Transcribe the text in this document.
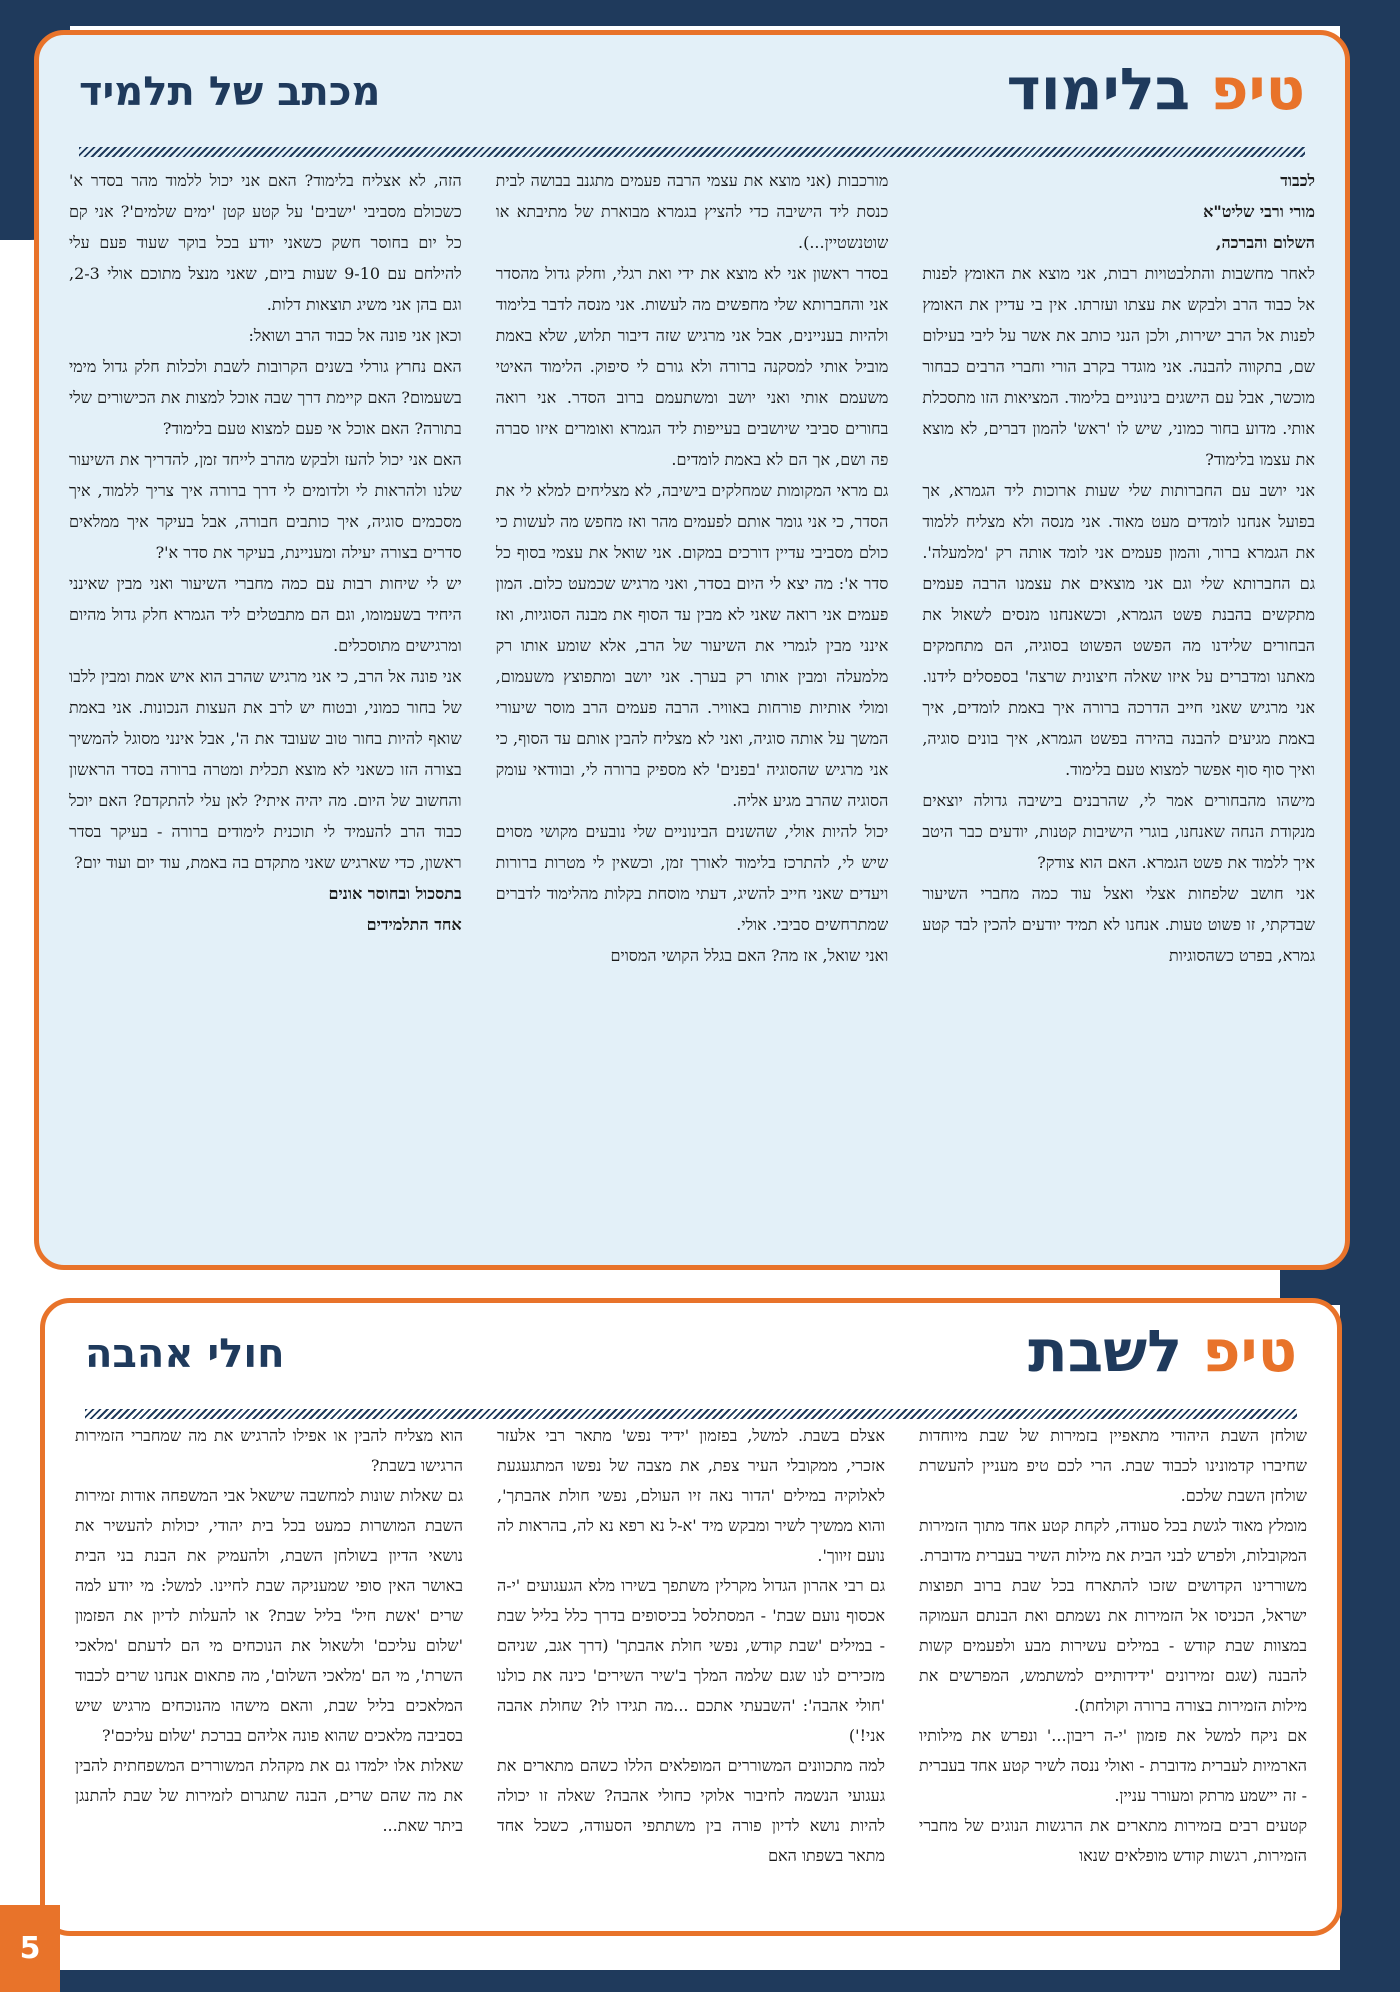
טיפ בלימוד
מכתב של תלמיד

לכבוד

מורי ורבי שליט"א

השלום והברכה,

לאחר מחשבות והתלבטויות רבות, אני מוצא את האומץ לפנות אל כבוד הרב ולבקש את עצתו ועזרתו. אין בי עדיין את האומץ לפנות אל הרב ישירות, ולכן הנני כותב את אשר על ליבי בעילום שם, בתקווה להבנה. אני מוגדר בקרב הורי וחברי הרבים כבחור מוכשר, אבל עם הישגים בינוניים בלימוד. המציאות הזו מתסכלת אותי. מדוע בחור כמוני, שיש לו 'ראש' להמון דברים, לא מוצא את עצמו בלימוד?

אני יושב עם החברותות שלי שעות ארוכות ליד הגמרא, אך בפועל אנחנו לומדים מעט מאוד. אני מנסה ולא מצליח ללמוד את הגמרא ברור, והמון פעמים אני לומד אותה רק 'מלמעלה'. גם החברותא שלי וגם אני מוצאים את עצמנו הרבה פעמים מתקשים בהבנת פשט הגמרא, וכשאנחנו מנסים לשאול את הבחורים שלידנו מה הפשט הפשוט בסוגיה, הם מתחמקים מאתנו ומדברים על איזו שאלה חיצונית שרצה' בספסלים לידנו. אני מרגיש שאני חייב הדרכה ברורה איך באמת לומדים, איך באמת מגיעים להבנה בהירה בפשט הגמרא, איך בונים סוגיה, ואיך סוף סוף אפשר למצוא טעם בלימוד.

מישהו מהבחורים אמר לי, שהרבנים בישיבה גדולה יוצאים מנקודת הנחה שאנחנו, בוגרי הישיבות קטנות, יודעים כבר היטב איך ללמוד את פשט הגמרא. האם הוא צודק?

אני חושב שלפחות אצלי ואצל עוד כמה מחברי השיעור שבדקתי, זו פשוט טעות. אנחנו לא תמיד יודעים להכין לבד קטע גמרא, בפרט כשהסוגיות

מורכבות (אני מוצא את עצמי הרבה פעמים מתגנב בבושה לבית כנסת ליד הישיבה כדי להציץ בגמרא מבוארת של מתיבתא או שוטנשטיין...).

בסדר ראשון אני לא מוצא את ידי ואת רגלי, וחלק גדול מהסדר אני והחברותא שלי מחפשים מה לעשות. אני מנסה לדבר בלימוד ולהיות בעניינים, אבל אני מרגיש שזה דיבור תלוש, שלא באמת מוביל אותי למסקנה ברורה ולא גורם לי סיפוק. הלימוד האיטי משעמם אותי ואני יושב ומשתעמם ברוב הסדר. אני רואה בחורים סביבי שיושבים בעייפות ליד הגמרא ואומרים איזו סברה פה ושם, אך הם לא באמת לומדים.

גם מראי המקומות שמחלקים בישיבה, לא מצליחים למלא לי את הסדר, כי אני גומר אותם לפעמים מהר ואז מחפש מה לעשות כי כולם מסביבי עדיין דורכים במקום. אני שואל את עצמי בסוף כל סדר א': מה יצא לי היום בסדר, ואני מרגיש שכמעט כלום. המון פעמים אני רואה שאני לא מבין עד הסוף את מבנה הסוגיות, ואז אינני מבין לגמרי את השיעור של הרב, אלא שומע אותו רק מלמעלה ומבין אותו רק בערך. אני יושב ומתפוצץ משעמום, ומולי אותיות פורחות באוויר. הרבה פעמים הרב מוסר שיעורי המשך על אותה סוגיה, ואני לא מצליח להבין אותם עד הסוף, כי אני מרגיש שהסוגיה 'בפנים' לא מספיק ברורה לי, ובוודאי עומק הסוגיה שהרב מגיע אליה.

יכול להיות אולי, שהשנים הבינוניים שלי נובעים מקושי מסוים שיש לי, להתרכז בלימוד לאורך זמן, וכשאין לי מטרות ברורות ויעדים שאני חייב להשיג, דעתי מוסחת בקלות מהלימוד לדברים שמתרחשים סביבי. אולי.

ואני שואל, אז מה? האם בגלל הקושי המסוים

הזה, לא אצליח בלימוד? האם אני יכול ללמוד מהר בסדר א' כשכולם מסביבי 'ישבים' על קטע קטן 'ימים שלמים'? אני קם כל יום בחוסר חשק כשאני יודע בכל בוקר שעוד פעם עלי להילחם עם 9-10 שעות ביום, שאני מנצל מתוכם אולי 2-3, וגם בהן אני משיג תוצאות דלות.

וכאן אני פונה אל כבוד הרב ושואל:

האם נחרץ גורלי בשנים הקרובות לשבת ולכלות חלק גדול מימי בשעמום? האם קיימת דרך שבה אוכל למצות את הכישורים שלי בתורה? האם אוכל אי פעם למצוא טעם בלימוד?

האם אני יכול להעז ולבקש מהרב לייחד זמן, להדריך את השיעור שלנו ולהראות לי ולדומים לי דרך ברורה איך צריך ללמוד, איך מסכמים סוגיה, איך כותבים חבורה, אבל בעיקר איך ממלאים סדרים בצורה יעילה ומעניינת, בעיקר את סדר א'?

יש לי שיחות רבות עם כמה מחברי השיעור ואני מבין שאינני היחיד בשעמומו, וגם הם מתבטלים ליד הגמרא חלק גדול מהיום ומרגישים מתוסכלים.

אני פונה אל הרב, כי אני מרגיש שהרב הוא איש אמת ומבין ללבו של בחור כמוני, ובטוח יש לרב את העצות הנכונות. אני באמת שואף להיות בחור טוב שעובד את ה', אבל אינני מסוגל להמשיך בצורה הזו כשאני לא מוצא תכלית ומטרה ברורה בסדר הראשון והחשוב של היום. מה יהיה איתי? לאן עלי להתקדם? האם יוכל כבוד הרב להעמיד לי תוכנית לימודים ברורה - בעיקר בסדר ראשון, כדי שארגיש שאני מתקדם בה באמת, עוד יום ועוד יום?

בתסכול ובחוסר אונים

אחד התלמידים

טיפ לשבת
חולי אהבה

שולחן השבת היהודי מתאפיין בזמירות של שבת מיוחדות שחיברו קדמונינו לכבוד שבת. הרי לכם טיפ מעניין להעשרת שולחן השבת שלכם.

מומלץ מאוד לגשת בכל סעודה, לקחת קטע אחד מתוך הזמירות המקובלות, ולפרש לבני הבית את מילות השיר בעברית מדוברת. משוררינו הקדושים שזכו להתארח בכל שבת ברוב תפוצות ישראל, הכניסו אל הזמירות את נשמתם ואת הבנתם העמוקה במצוות שבת קודש - במילים עשירות מבע ולפעמים קשות להבנה (שגם זמירונים 'ידידותיים למשתמש, המפרשים את מילות הזמירות בצורה ברורה וקולחת).

אם ניקח למשל את פזמון 'י-ה ריבון...' ונפרש את מילותיו הארמיות לעברית מדוברת - ואולי ננסה לשיר קטע אחד בעברית - זה יישמע מרתק ומעורר עניין.

קטעים רבים בזמירות מתארים את הרגשות הנוגים של מחברי הזמירות, רגשות קודש מופלאים שנאו

אצלם בשבת. למשל, בפזמון 'ידיד נפש' מתאר רבי אלעזר אזכרי, ממקובלי העיר צפת, את מצבה של נפשו המתגעגעת לאלוקיה במילים 'הדור נאה זיו העולם, נפשי חולת אהבתך', והוא ממשיך לשיר ומבקש מיד 'א-ל נא רפא נא לה, בהראות לה נועם זיווך'.

גם רבי אהרון הגדול מקרלין משתפך בשירו מלא הגעגועים 'י-ה אכסוף נועם שבת' - המסתלסל בכיסופים בדרך כלל בליל שבת - במילים 'שבת קודש, נפשי חולת אהבתך' (דרך אגב, שניהם מזכירים לנו שגם שלמה המלך ב'שיר השירים' כינה את כולנו 'חולי אהבה': 'השבעתי אתכם ...מה תגידו לו? שחולת אהבה אני!')

למה מתכוונים המשוררים המופלאים הללו כשהם מתארים את געגועי הנשמה לחיבור אלוקי כחולי אהבה? שאלה זו יכולה להיות נושא לדיון פורה בין משתתפי הסעודה, כשכל אחד מתאר בשפתו האם

הוא מצליח להבין או אפילו להרגיש את מה שמחברי הזמירות הרגישו בשבת?

גם שאלות שונות למחשבה שישאל אבי המשפחה אודות זמירות השבת המושרות כמעט בכל בית יהודי, יכולות להעשיר את נושאי הדיון בשולחן השבת, ולהעמיק את הבנת בני הבית באושר האין סופי שמעניקה שבת לחיינו. למשל: מי יודע למה שרים 'אשת חיל' בליל שבת? או להעלות לדיון את הפזמון 'שלום עליכם' ולשאול את הנוכחים מי הם לדעתם 'מלאכי השרת', מי הם 'מלאכי השלום', מה פתאום אנחנו שרים לכבוד המלאכים בליל שבת, והאם מישהו מהנוכחים מרגיש שיש בסביבה מלאכים שהוא פונה אליהם בברכת 'שלום עליכם'?

שאלות אלו ילמדו גם את מקהלת המשוררים המשפחתית להבין את מה שהם שרים, הבנה שתגרום לזמירות של שבת להתנגן ביתר שאת...

5
